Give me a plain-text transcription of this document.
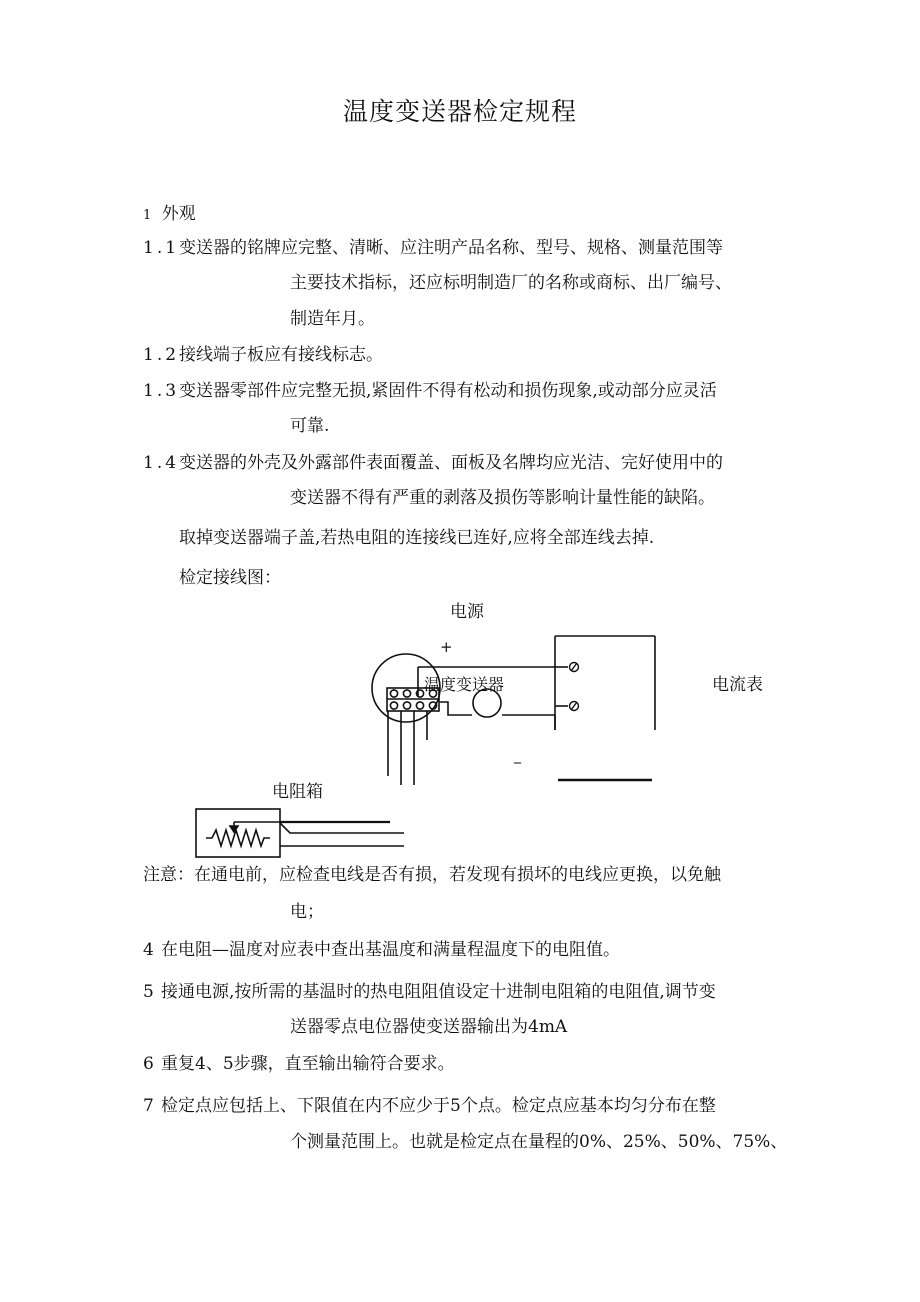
温度变送器检定规程
1 外观
1.1变送器的铭牌应完整、清晰、应注明产品名称、型号、规格、测量范围等
主要技术指标，还应标明制造厂的名称或商标、出厂编号、
制造年月。
1.2接线端子板应有接线标志。
1.3变送器零部件应完整无损,紧固件不得有松动和损伤现象,或动部分应灵活
可靠.
1.4变送器的外壳及外露部件表面覆盖、面板及名牌均应光洁、完好使用中的
变送器不得有严重的剥落及损伤等影响计量性能的缺陷。
取掉变送器端子盖,若热电阻的连接线已连好,应将全部连线去掉.
检定接线图：
电源
+
_
电流表
温度变送器
电阻箱
注意：在通电前，应检查电线是否有损，若发现有损坏的电线应更换，以免触
电；
4 在电阻—温度对应表中查出基温度和满量程温度下的电阻值。
5 接通电源,按所需的基温时的热电阻阻值设定十进制电阻箱的电阻值,调节变
送器零点电位器使变送器输出为4mA
6 重复4、5步骤，直至输出输符合要求。
7 检定点应包括上、下限值在内不应少于5个点。检定点应基本均匀分布在整
个测量范围上。也就是检定点在量程的0%、25%、50%、75%、
